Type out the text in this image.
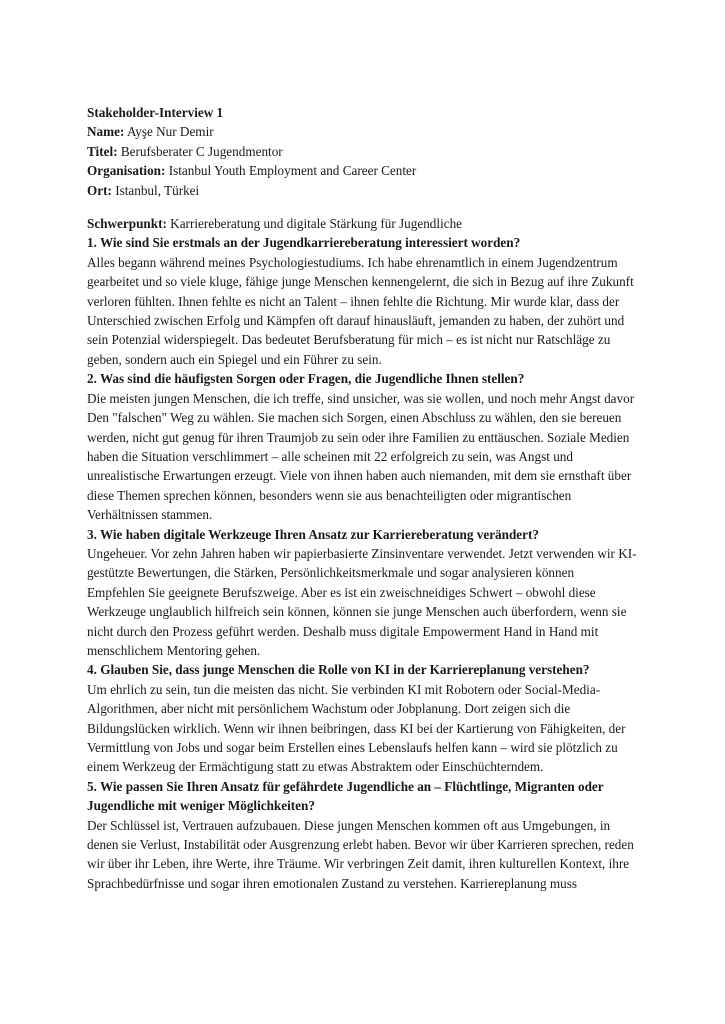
Stakeholder-Interview 1

Name: Ayşe Nur Demir

Titel: Berufsberater C Jugendmentor

Organisation: Istanbul Youth Employment and Career Center

Ort: Istanbul, Türkei

Schwerpunkt: Karriereberatung und digitale Stärkung für Jugendliche

1. Wie sind Sie erstmals an der Jugendkarriereberatung interessiert worden?

Alles begann während meines Psychologiestudiums. Ich habe ehrenamtlich in einem Jugendzentrum gearbeitet und so viele kluge, fähige junge Menschen kennengelernt, die sich in Bezug auf ihre Zukunft verloren fühlten. Ihnen fehlte es nicht an Talent – ihnen fehlte die Richtung. Mir wurde klar, dass der Unterschied zwischen Erfolg und Kämpfen oft darauf hinausläuft, jemanden zu haben, der zuhört und sein Potenzial widerspiegelt. Das bedeutet Berufsberatung für mich – es ist nicht nur Ratschläge zu geben, sondern auch ein Spiegel und ein Führer zu sein.

2. Was sind die häufigsten Sorgen oder Fragen, die Jugendliche Ihnen stellen?

Die meisten jungen Menschen, die ich treffe, sind unsicher, was sie wollen, und noch mehr Angst davor

Den "falschen" Weg zu wählen. Sie machen sich Sorgen, einen Abschluss zu wählen, den sie bereuen werden, nicht gut genug für ihren Traumjob zu sein oder ihre Familien zu enttäuschen. Soziale Medien haben die Situation verschlimmert – alle scheinen mit 22 erfolgreich zu sein, was Angst und unrealistische Erwartungen erzeugt. Viele von ihnen haben auch niemanden, mit dem sie ernsthaft über diese Themen sprechen können, besonders wenn sie aus benachteiligten oder migrantischen Verhältnissen stammen.

3. Wie haben digitale Werkzeuge Ihren Ansatz zur Karriereberatung verändert?

Ungeheuer. Vor zehn Jahren haben wir papierbasierte Zinsinventare verwendet. Jetzt verwenden wir KI-gestützte Bewertungen, die Stärken, Persönlichkeitsmerkmale und sogar analysieren können

Empfehlen Sie geeignete Berufszweige. Aber es ist ein zweischneidiges Schwert – obwohl diese Werkzeuge unglaublich hilfreich sein können, können sie junge Menschen auch überfordern, wenn sie nicht durch den Prozess geführt werden. Deshalb muss digitale Empowerment Hand in Hand mit menschlichem Mentoring gehen.

4. Glauben Sie, dass junge Menschen die Rolle von KI in der Karriereplanung verstehen?

Um ehrlich zu sein, tun die meisten das nicht. Sie verbinden KI mit Robotern oder Social-Media-Algorithmen, aber nicht mit persönlichem Wachstum oder Jobplanung. Dort zeigen sich die Bildungslücken wirklich. Wenn wir ihnen beibringen, dass KI bei der Kartierung von Fähigkeiten, der Vermittlung von Jobs und sogar beim Erstellen eines Lebenslaufs helfen kann – wird sie plötzlich zu einem Werkzeug der Ermächtigung statt zu etwas Abstraktem oder Einschüchterndem.

5. Wie passen Sie Ihren Ansatz für gefährdete Jugendliche an – Flüchtlinge, Migranten oder Jugendliche mit weniger Möglichkeiten?

Der Schlüssel ist, Vertrauen aufzubauen. Diese jungen Menschen kommen oft aus Umgebungen, in denen sie Verlust, Instabilität oder Ausgrenzung erlebt haben. Bevor wir über Karrieren sprechen, reden wir über ihr Leben, ihre Werte, ihre Träume. Wir verbringen Zeit damit, ihren kulturellen Kontext, ihre Sprachbedürfnisse und sogar ihren emotionalen Zustand zu verstehen. Karriereplanung muss
